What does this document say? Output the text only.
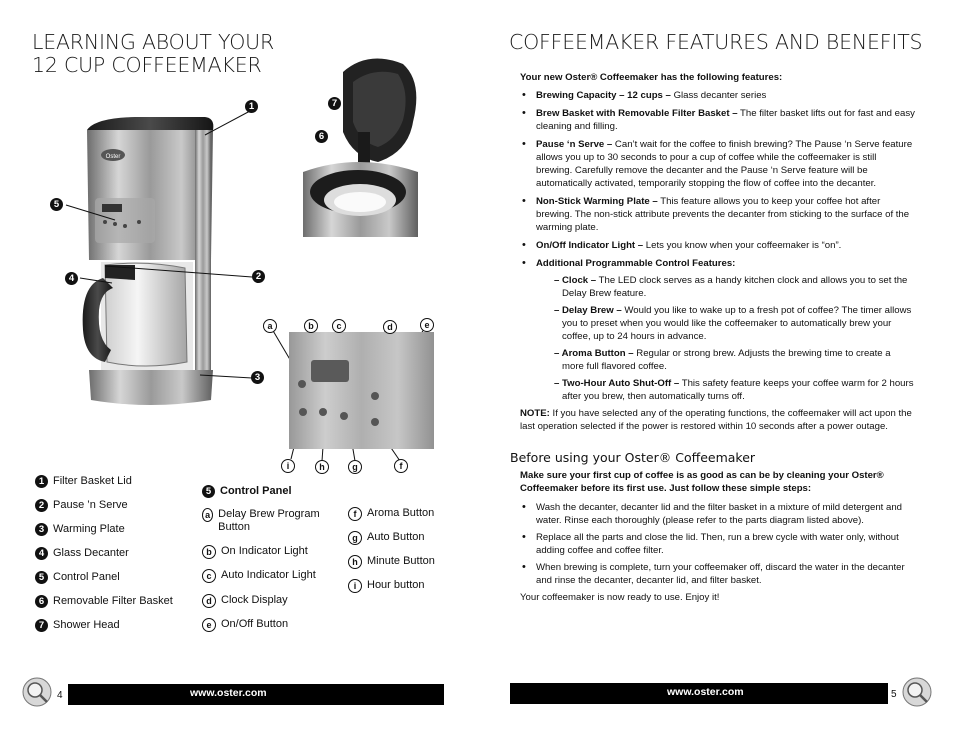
LEARNING ABOUT YOUR
12 CUP COFFEEMAKER
Oster
1
2
3
4
5
6
7
a	b	c	d	e
f
g
h
i
1 Filter Basket Lid
2 Pause ’n Serve
3 Warming Plate
4 Glass Decanter
5 Control Panel
6 Removable Filter Basket
7 Shower Head
5 Control Panel
a Delay Brew Program Button
b On Indicator Light
c Auto Indicator Light
d Clock Display
e On/Off Button
f Aroma Button
g Auto Button
h Minute Button
i Hour button
4	www.oster.com
COFFEEMAKER FEATURES AND BENEFITS
Your new Oster® Coffeemaker has the following features:
• Brewing Capacity – 12 cups – Glass decanter series
• Brew Basket with Removable Filter Basket – The filter basket lifts out for fast and easy cleaning and filling.
• Pause ‘n Serve – Can’t wait for the coffee to finish brewing? The Pause ‘n Serve feature allows you up to 30 seconds to pour a cup of coffee while the coffeemaker is still brewing. Carefully remove the decanter and the Pause ‘n Serve feature will be automatically activated, temporarily stopping the flow of coffee into the decanter.
• Non-Stick Warming Plate – This feature allows you to keep your coffee hot after brewing. The non-stick attribute prevents the decanter from sticking to the surface of the warming plate.
• On/Off Indicator Light – Lets you know when your coffeemaker is “on”.
• Additional Programmable Control Features:
– Clock – The LED clock serves as a handy kitchen clock and allows you to set the Delay Brew feature.
– Delay Brew – Would you like to wake up to a fresh pot of coffee? The timer allows you to preset when you would like the coffeemaker to automatically brew your coffee, up to 24 hours in advance.
– Aroma Button – Regular or strong brew. Adjusts the brewing time to create a more full flavored coffee.
– Two-Hour Auto Shut-Off – This safety feature keeps your coffee warm for 2 hours after you brew, then automatically turns off.
NOTE: If you have selected any of the operating functions, the coffeemaker will act upon the last operation selected if the power is restored within 10 seconds after a power outage.
Before using your Oster® Coffeemaker
Make sure your first cup of coffee is as good as can be by cleaning your Oster® Coffeemaker before its first use. Just follow these simple steps:
• Wash the decanter, decanter lid and the filter basket in a mixture of mild detergent and water. Rinse each thoroughly (please refer to the parts diagram listed above).
• Replace all the parts and close the lid. Then, run a brew cycle with water only, without adding coffee and coffee filter.
• When brewing is complete, turn your coffeemaker off, discard the water in the decanter and rinse the decanter, decanter lid, and filter basket.
Your coffeemaker is now ready to use. Enjoy it!
www.oster.com	5
